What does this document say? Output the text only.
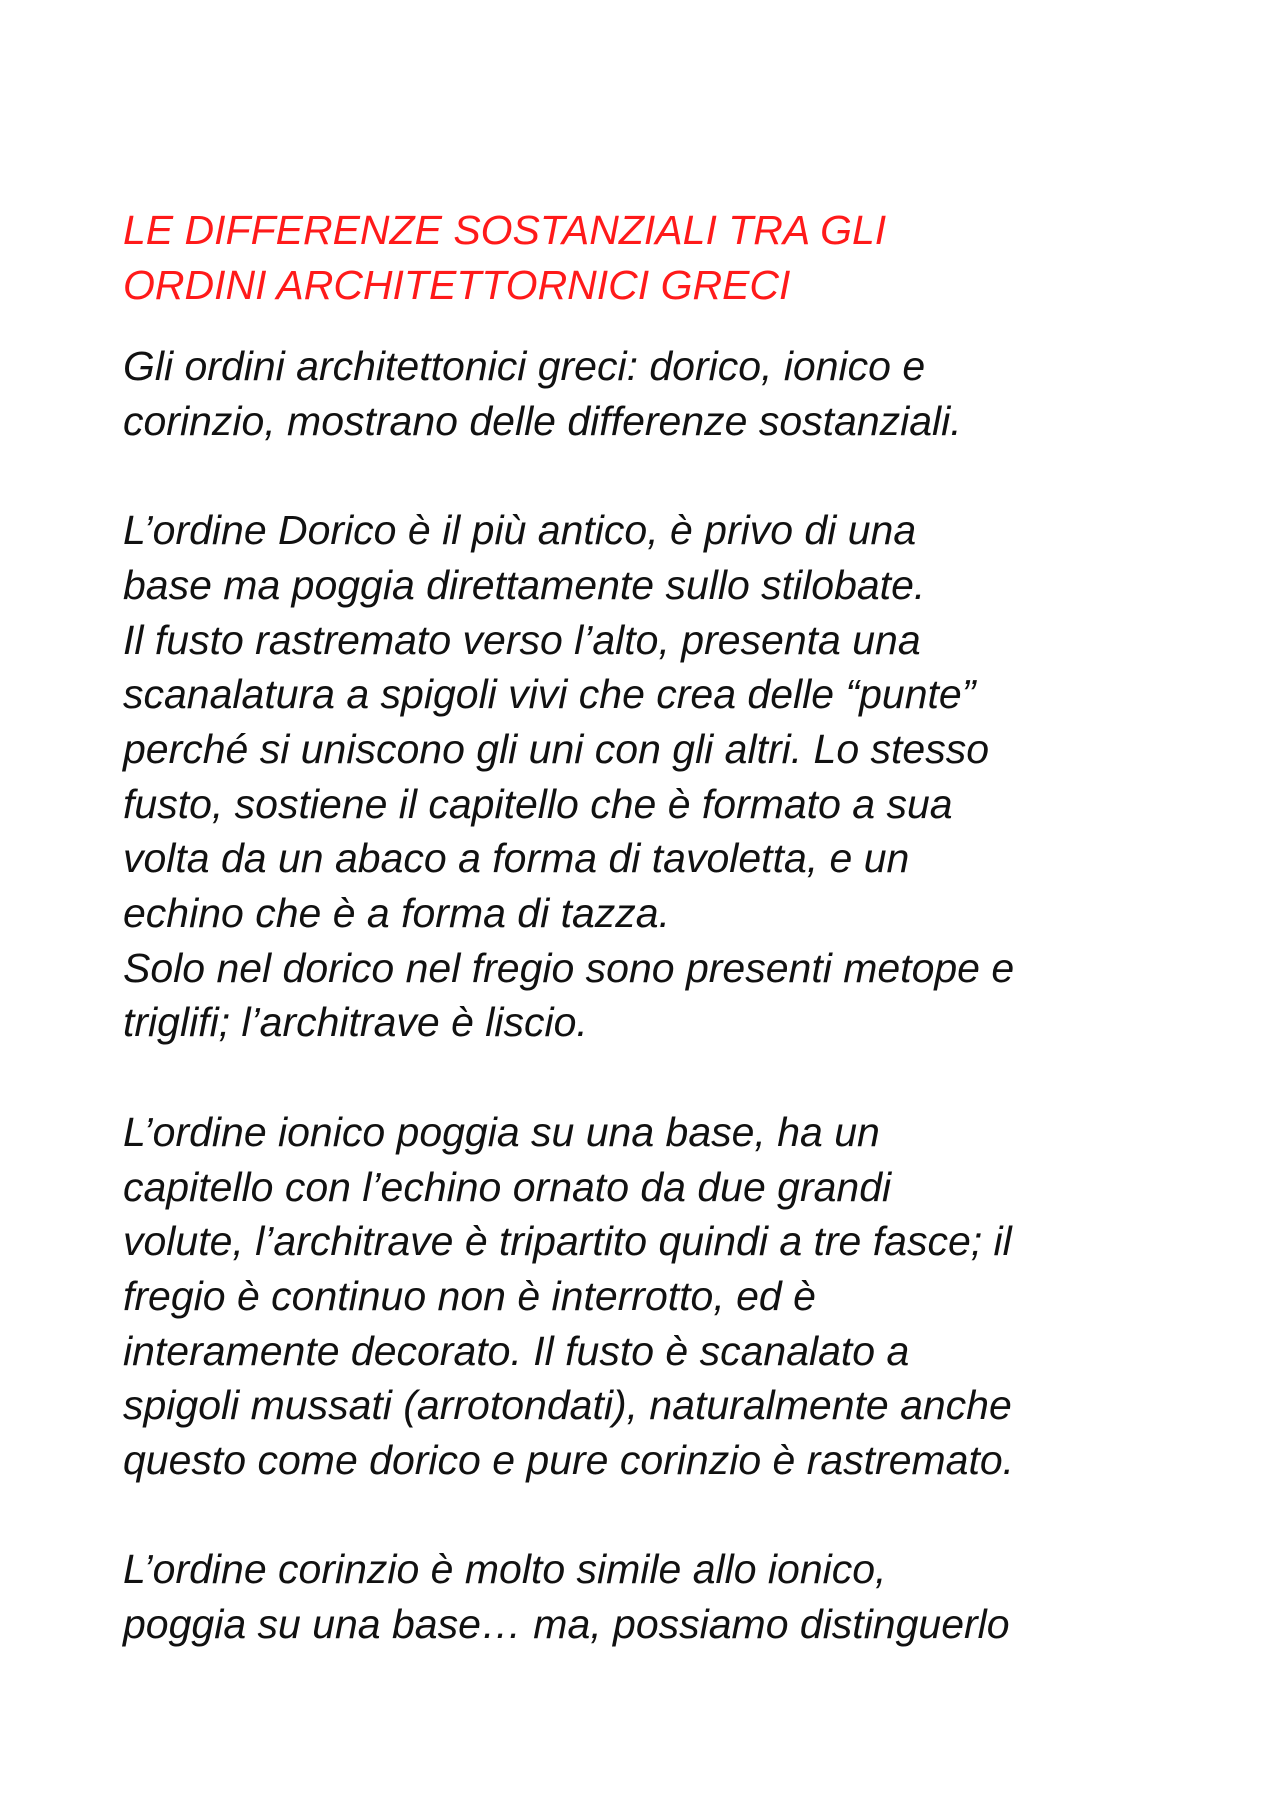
LE DIFFERENZE SOSTANZIALI TRA GLI
ORDINI ARCHITETTORNICI GRECI

Gli ordini architettonici greci: dorico, ionico e
corinzio, mostrano delle differenze sostanziali.

L’ordine Dorico è il più antico, è privo di una
base ma poggia direttamente sullo stilobate.
Il fusto rastremato verso l’alto, presenta una
scanalatura a spigoli vivi che crea delle “punte”
perché si uniscono gli uni con gli altri. Lo stesso
fusto, sostiene il capitello che è formato a sua
volta da un abaco a forma di tavoletta, e un
echino che è a forma di tazza.
Solo nel dorico nel fregio sono presenti metope e
triglifi; l’architrave è liscio.

L’ordine ionico poggia su una base, ha un
capitello con l’echino ornato da due grandi
volute, l’architrave è tripartito quindi a tre fasce; il
fregio è continuo non è interrotto, ed è
interamente decorato. Il fusto è scanalato a
spigoli mussati (arrotondati), naturalmente anche
questo come dorico e pure corinzio è rastremato.

L’ordine corinzio è molto simile allo ionico,
poggia su una base… ma, possiamo distinguerlo
